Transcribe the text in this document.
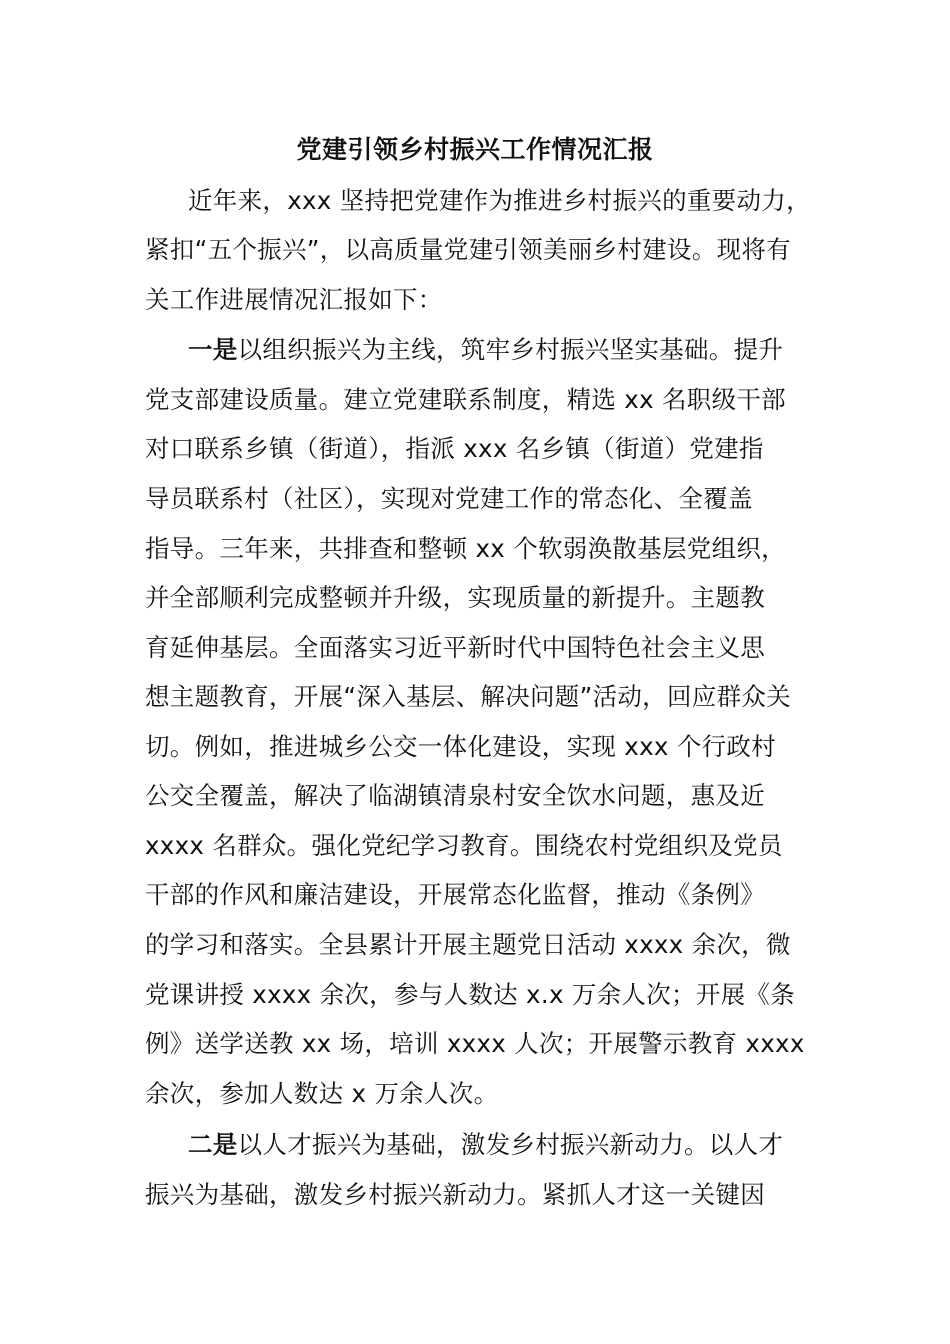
党建引领乡村振兴工作情况汇报
近年来，xxx 坚持把党建作为推进乡村振兴的重要动力，
紧扣“五个振兴”，以高质量党建引领美丽乡村建设。现将有
关工作进展情况汇报如下：
一是以组织振兴为主线，筑牢乡村振兴坚实基础。提升
党支部建设质量。建立党建联系制度，精选 xx 名职级干部
对口联系乡镇（街道），指派 xxx 名乡镇（街道）党建指
导员联系村（社区），实现对党建工作的常态化、全覆盖
指导。三年来，共排查和整顿 xx 个软弱涣散基层党组织，
并全部顺利完成整顿并升级，实现质量的新提升。主题教
育延伸基层。全面落实习近平新时代中国特色社会主义思
想主题教育，开展“深入基层、解决问题”活动，回应群众关
切。例如，推进城乡公交一体化建设，实现 xxx 个行政村
公交全覆盖，解决了临湖镇清泉村安全饮水问题，惠及近
xxxx 名群众。强化党纪学习教育。围绕农村党组织及党员
干部的作风和廉洁建设，开展常态化监督，推动《条例》
的学习和落实。全县累计开展主题党日活动 xxxx 余次，微
党课讲授 xxxx 余次，参与人数达 x.x 万余人次；开展《条
例》送学送教 xx 场，培训 xxxx 人次；开展警示教育 xxxx
余次，参加人数达 x 万余人次。
二是以人才振兴为基础，激发乡村振兴新动力。以人才
振兴为基础，激发乡村振兴新动力。紧抓人才这一关键因
